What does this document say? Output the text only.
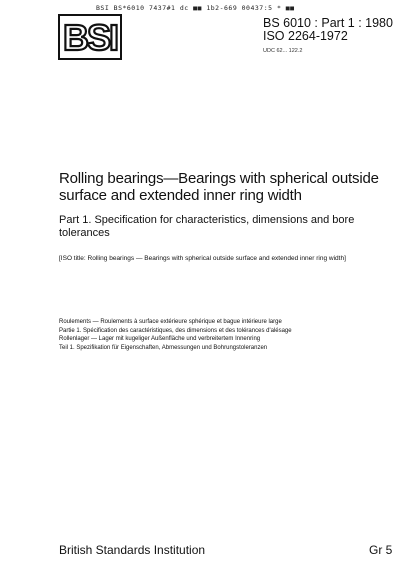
BSI BS*6010 7437#1 dc ■■ 1b2-669 00437:5 * ■■
BSI	BS 6010 : Part 1 : 1980
ISO 2264-1972
UDC 62... 122.2
Rolling bearings—Bearings with spherical outside surface and extended inner ring width
Part 1. Specification for characteristics, dimensions and bore tolerances
[ISO title: Rolling bearings — Bearings with spherical outside surface and extended inner ring width]
Roulements — Roulements à surface extérieure sphérique et bague intérieure large
Partie 1. Spécification des caractéristiques, des dimensions et des tolérances d'alésage
Rollenlager — Lager mit kugeliger Außenfläche und verbreitertem Innenring
Teil 1. Spezifikation für Eigenschaften, Abmessungen und Bohrungstoleranzen
British Standards Institution	Gr 5
